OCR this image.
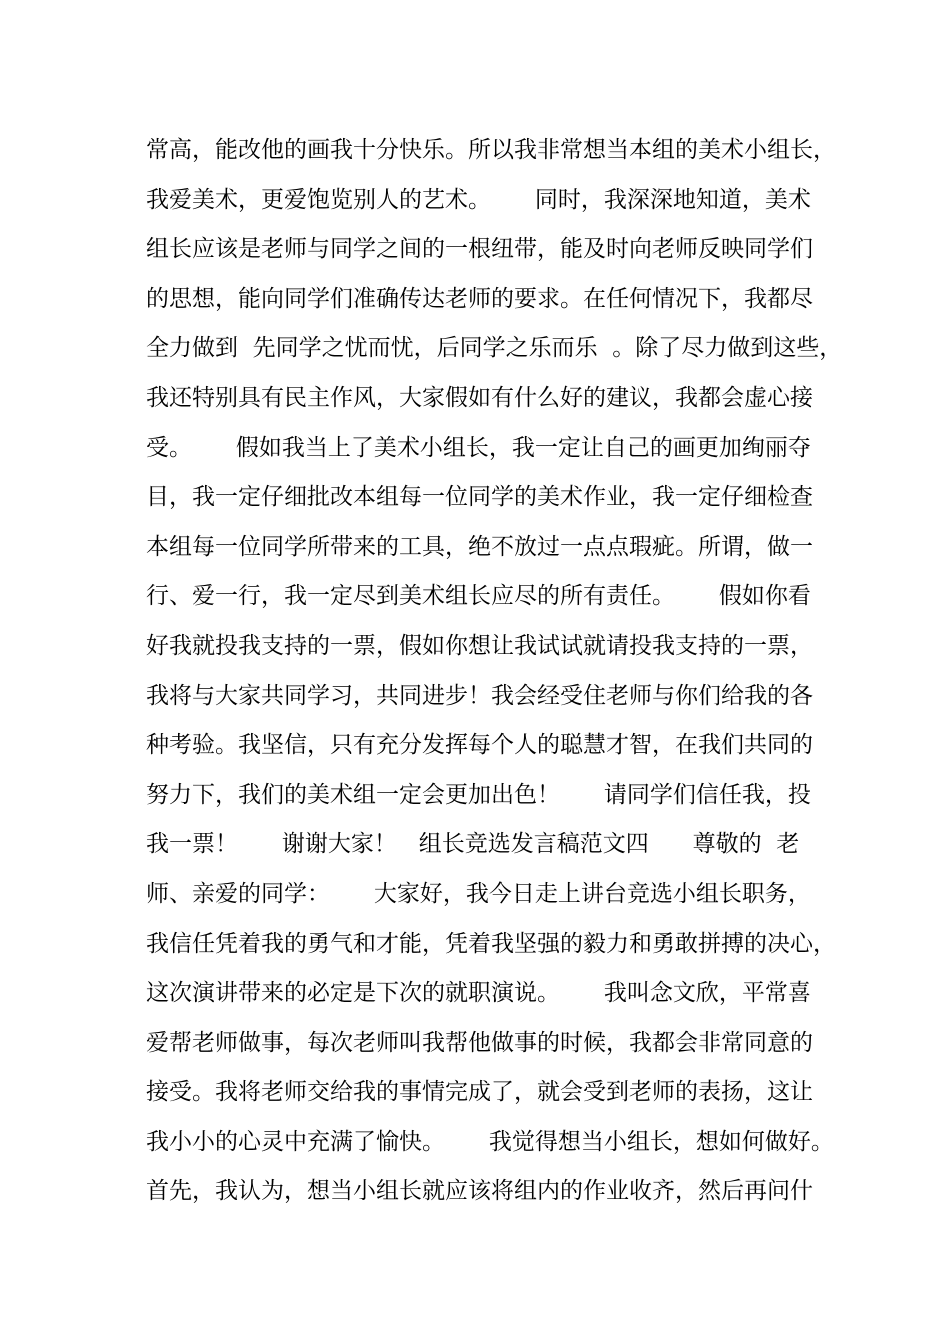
常高，能改他的画我十分快乐。所以我非常想当本组的美术小组长，
我爱美术，更爱饱览别人的艺术。      同时，我深深地知道，美术
组长应该是老师与同学之间的一根纽带，能及时向老师反映同学们
的思想，能向同学们准确传达老师的要求。在任何情况下，我都尽
全力做到  先同学之忧而忧，后同学之乐而乐  。除了尽力做到这些，
我还特别具有民主作风，大家假如有什么好的建议，我都会虚心接
受。      假如我当上了美术小组长，我一定让自己的画更加绚丽夺
目，我一定仔细批改本组每一位同学的美术作业，我一定仔细检查
本组每一位同学所带来的工具，绝不放过一点点瑕疵。所谓，做一
行、爱一行，我一定尽到美术组长应尽的所有责任。      假如你看
好我就投我支持的一票，假如你想让我试试就请投我支持的一票，
我将与大家共同学习，共同进步！我会经受住老师与你们给我的各
种考验。我坚信，只有充分发挥每个人的聪慧才智，在我们共同的
努力下，我们的美术组一定会更加出色！      请同学们信任我，投
我一票！      谢谢大家！   组长竞选发言稿范文四      尊敬的  老
师、亲爱的同学：      大家好，我今日走上讲台竞选小组长职务，
我信任凭着我的勇气和才能，凭着我坚强的毅力和勇敢拼搏的决心，
这次演讲带来的必定是下次的就职演说。      我叫念文欣，平常喜
爱帮老师做事，每次老师叫我帮他做事的时候，我都会非常同意的
接受。我将老师交给我的事情完成了，就会受到老师的表扬，这让
我小小的心灵中充满了愉快。      我觉得想当小组长，想如何做好。
首先，我认为，想当小组长就应该将组内的作业收齐，然后再问什
